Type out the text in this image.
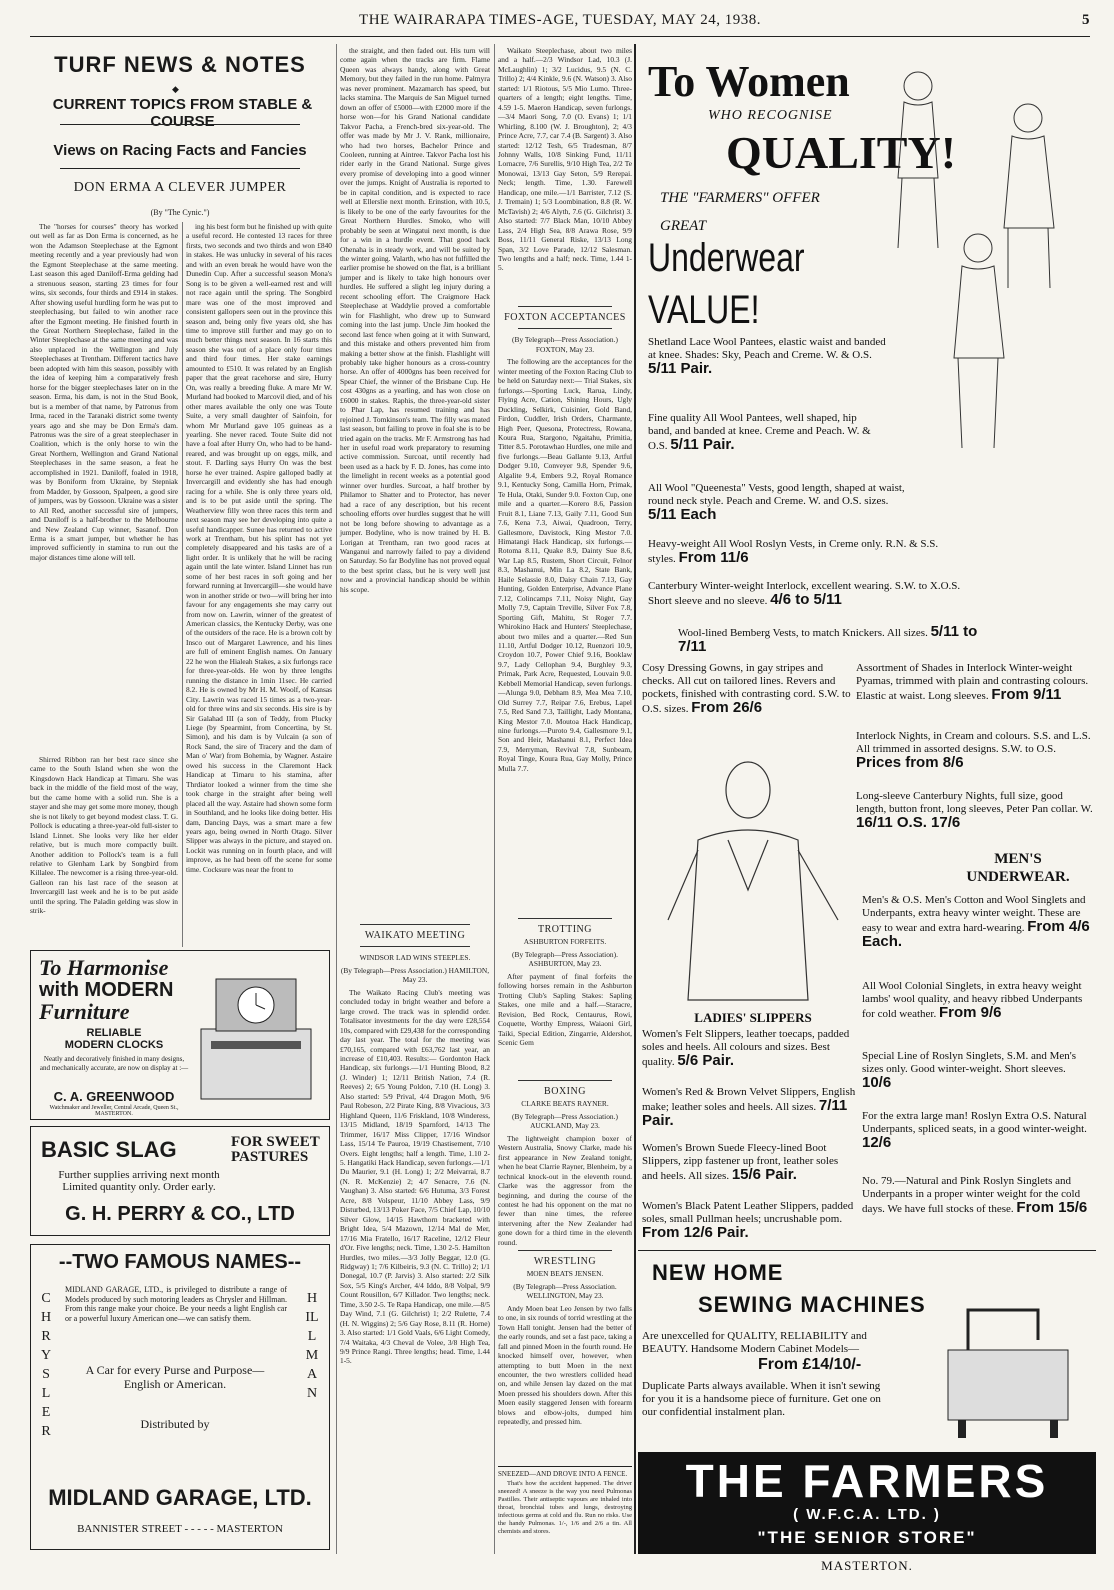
THE WAIRARAPA TIMES-AGE, TUESDAY, MAY 24, 1938.	5
TURF NEWS & NOTES
◆
CURRENT TOPICS FROM STABLE & COURSE
Views on Racing Facts and Fancies
DON ERMA A CLEVER JUMPER
(By "The Cynic.")

The "horses for courses" theory has worked out well as far as Don Erma is concerned, as he won the Adamson Steeplechase at the Egmont meeting recently and a year previously had won the Egmont Steeplechase at the same meeting. Last season this aged Daniloff-Erma gelding had a strenuous season, starting 23 times for four wins, six seconds, four thirds and £914 in stakes. After showing useful hurdling form he was put to steeplechasing, but failed to win another race after the Egmont meeting. He finished fourth in the Great Northern Steeplechase, failed in the Winter Steeplechase at the same meeting and was also unplaced in the Wellington and July Steeplechases at Trentham. Different tactics have been adopted with him this season, possibly with the idea of keeping him a comparatively fresh horse for the bigger steeplechases later on in the season. Erma, his dam, is not in the Stud Book, but is a member of that name, by Patronus from Irma, raced in the Taranaki district some twenty years ago and she may be Don Erma's dam. Patronus was the sire of a great steeplechaser in Coalition, which is the only horse to win the Great Northern, Wellington and Grand National Steeplechases in the same season, a feat he accomplished in 1921. Daniloff, foaled in 1918, was by Boniform from Ukraine, by Stepniak from Madder, by Gossoon, Spalpeen, a good sire of jumpers, was by Gossoon. Ukraine was a sister to All Red, another successful sire of jumpers, and Daniloff is a half-brother to the Melbourne and New Zealand Cup winner, Sasanof. Don Erma is a smart jumper, but whether he has improved sufficiently in stamina to run out the major distances time alone will tell.

Shirred Ribbon ran her best race since she came to the South Island when she won the Kingsdown Hack Handicap at Timaru. She was back in the middle of the field most of the way, but the came home with a solid run. She is a stayer and she may get some more money, though she is not likely to get beyond modest class. T. G. Pollock is educating a three-year-old full-sister to Island Linnet. She looks very like her elder relative, but is much more compactly built. Another addition to Pollock's team is a full relative to Glenham Lark by Songbird from Killalee. The newcomer is a rising three-year-old. Galleon ran his last race of the season at Invercargill last week and he is to be put aside until the spring. The Paladin gelding was slow in strik-

ing his best form but he finished up with quite a useful record. He contested 13 races for three firsts, two seconds and two thirds and won £840 in stakes. He was unlucky in several of his races and with an even break he would have won the Dunedin Cup. After a successful season Mona's Song is to be given a well-earned rest and will not race again until the spring. The Songbird mare was one of the most improved and consistent gallopers seen out in the province this season and, being only five years old, she has time to improve still further and may go on to much better things next season. In 16 starts this season she was out of a place only four times and third four times. Her stake earnings amounted to £510. It was related by an English paper that the great racehorse and sire, Hurry On, was really a breeding fluke. A mare Mr W. Murland had booked to Marcovil died, and of his other mares available the only one was Toute Suite, a very small daughter of Sainfoin, for whom Mr Murland gave 105 guineas as a yearling. She never raced. Toute Suite did not have a foal after Hurry On, who had to be hand-reared, and was brought up on eggs, milk, and stout. F. Darling says Hurry On was the best horse he ever trained. Aspire galloped badly at Invercargill and evidently she has had enough racing for a while. She is only three years old, and is to be put aside until the spring. The Weatherview filly won three races this term and next season may see her developing into quite a useful handicapper. Sunee has returned to active work at Trentham, but his splint has not yet completely disappeared and his tasks are of a light order. It is unlikely that he will be racing again until the late winter. Island Linnet has run some of her best races in soft going and her forward running at Invercargill—she would have won in another stride or two—will bring her into favour for any engagements she may carry out from now on. Lawrin, winner of the greatest of American classics, the Kentucky Derby, was one of the outsiders of the race. He is a brown colt by Insco out of Margaret Lawrence, and his lines are full of eminent English names. On January 22 he won the Hialeah Stakes, a six furlongs race for three-year-olds. He won by three lengths running the distance in 1min 11sec. He carried 8.2. He is owned by Mr H. M. Woolf, of Kansas City. Lawrin was raced 15 times as a two-year-old for three wins and six seconds. His sire is by Sir Galahad III (a son of Teddy, from Plucky Liege (by Spearmint, from Concertina, by St. Simon), and his dam is by Vulcain (a son of Rock Sand, the sire of Tracery and the dam of Man o' War) from Bohemia, by Wagner. Astaire owed his success in the Claremont Hack Handicap at Timaru to his stamina, after Thrdiator looked a winner from the time she took charge in the straight after being well placed all the way. Astaire had shown some form in Southland, and he looks like doing better. His dam, Dancing Days, was a smart mare a few years ago, being owned in North Otago. Silver Slipper was always in the picture, and stayed on. Lockit was running on in fourth place, and will improve, as he had been off the scene for some time. Cocksure was near the front to

the straight, and then faded out. His turn will come again when the tracks are firm. Flame Queen was always handy, along with Great Memory, but they failed in the run home. Palmyra was never prominent. Mazamarch has speed, but lacks stamina. The Marquis de San Miguel turned down an offer of £5000—with £2000 more if the horse won—for his Grand National candidate Takvor Pacha, a French-bred six-year-old. The offer was made by Mr J. V. Rank, millionaire, who had two horses, Bachelor Prince and Cooleen, running at Aintree. Takvor Pacha lost his rider early in the Grand National. Surge gives every promise of developing into a good winner over the jumps. Knight of Australia is reported to be in capital condition, and is expected to race well at Ellerslie next month. Erinstion, with 10.5, is likely to be one of the early favourites for the Great Northern Hurdles. Smoko, who will probably be seen at Wingatui next month, is due for a win in a hurdle event. That good hack Ohenaha is in steady work, and will be suited by the winter going. Valarth, who has not fulfilled the earlier promise he showed on the flat, is a brilliant jumper and is likely to take high honours over hurdles. He suffered a slight leg injury during a recent schooling effort. The Craigmore Hack Steeplechase at Waddylie proved a comfortable win for Flashlight, who drew up to Sunward coming into the last jump. Uncle Jim hooked the second last fence when going at it with Sunward, and this mistake and others prevented him from making a better show at the finish. Flashlight will probably take higher honours as a cross-country horse. An offer of 4000gns has been received for Spear Chief, the winner of the Brisbane Cup. He cost 430gns as a yearling, and has won close on £6000 in stakes. Raphis, the three-year-old sister to Phar Lap, has resumed training and has rejoined J. Tomkinson's team. The filly was mated last season, but failing to prove in foal she is to be tried again on the tracks. Mr F. Armstrong has had her in useful road work preparatory to resuming active commission. Surcoat, until recently had been used as a hack by F. D. Jones, has come into the limelight in recent weeks as a potential good winner over hurdles. Surcoat, a half brother by Philamor to Shatter and to Protector, has never had a race of any description, but his recent schooling efforts over hurdles suggest that he will not be long before showing to advantage as a jumper. Bodyline, who is now trained by H. B. Lorigan at Trentham, ran two good races at Wanganui and narrowly failed to pay a dividend on Saturday. So far Bodyline has not proved equal to the best sprint class, but he is very well just now and a provincial handicap should be within his scope.

WAIKATO MEETING
WINDSOR LAD WINS STEEPLES.
(By Telegraph—Press Association.) HAMILTON, May 23.

The Waikato Racing Club's meeting was concluded today in bright weather and before a large crowd. The track was in splendid order. Totalisator investments for the day were £28,554 10s, compared with £29,438 for the corresponding day last year. The total for the meeting was £70,165, compared with £63,762 last year, an increase of £10,403. Results:— Gordonton Hack Handicap, six furlongs.—1/1 Hunting Blood, 8.2 (J. Winder) 1; 12/11 British Nation, 7.4 (R. Reeves) 2; 6/5 Young Poldon, 7.10 (H. Long) 3. Also started: 5/9 Prival, 4/4 Dragon Moth, 9/6 Paul Robeson, 2/2 Pirate King, 8/8 Vivacious, 3/3 Highland Queen, 11/6 Friskland, 10/8 Winderess, 13/15 Midland, 18/19 Sparnford, 14/13 The Trimmer, 16/17 Miss Clipper, 17/16 Windsor Lass, 15/14 Te Pauroa, 19/19 Chastisement, 7/10 Overs. Eight lengths; half a length. Time, 1.10 2-5. Hangatiki Hack Handicap, seven furlongs.—1/1 Du Maurier, 9.1 (H. Long) 1; 2/2 Meivarrai, 8.7 (N. R. McKenzie) 2; 4/7 Senacre, 7.6 (N. Vaughan) 3. Also started: 6/6 Hutuma, 3/3 Forest Acre, 8/8 Volspeur, 11/10 Abbey Lass, 9/9 Disturbed, 13/13 Poker Face, 7/5 Chief Lap, 10/10 Silver Glow, 14/15 Hawthorn bracketed with Bright Idea, 5/4 Mazown, 12/14 Mal de Mer, 17/16 Mia Fratello, 16/17 Raceline, 12/12 Fleur d'Or. Five lengths; neck. Time, 1.30 2-5. Hamilton Hurdles, two miles.—3/3 Jolly Beggar, 12.0 (G. Ridgway) 1; 7/6 Kilbeiris, 9.3 (N. C. Trillo) 2; 1/1 Donegal, 10.7 (P. Jarvis) 3. Also started: 2/2 Silk Sox, 5/5 King's Archer, 4/4 Iddo, 8/8 Volpal, 9/9 Count Rousillon, 6/7 Killador. Two lengths; neck. Time, 3.50 2-5. Te Rapa Handicap, one mile.—8/5 Day Wind, 7.1 (G. Gilchrist) 1; 2/2 Rulette, 7.4 (H. N. Wiggins) 2; 5/6 Gay Rose, 8.11 (R. Horne) 3. Also started: 1/1 Gold Vaals, 6/6 Light Comedy, 7/4 Waitaka, 4/3 Cheval de Volee, 3/8 High Tea, 9/9 Prince Rangi. Three lengths; head. Time, 1.44 1-5.

Waikato Steeplechase, about two miles and a half.—2/3 Windsor Lad, 10.3 (J. McLaughlin) 1; 3/2 Lucidus, 9.5 (N. C. Trillo) 2; 4/4 Kinkle, 9.6 (N. Watson) 3. Also started: 1/1 Riotous, 5/5 Mio Lumo. Three-quarters of a length; eight lengths. Time, 4.59 1-5. Maeron Handicap, seven furlongs.—3/4 Maori Song, 7.0 (O. Evans) 1; 1/1 Whirling, 8.100 (W. J. Broughton), 2; 4/3 Prince Acre, 7.7, car 7.4 (B. Sargent) 3. Also started: 12/12 Tesh, 6/5 Tradesman, 8/7 Johnny Walls, 10/8 Sinking Fund, 11/11 Lornacre, 7/6 Surellis, 9/10 High Tea, 2/2 Te Monowai, 13/13 Gay Seton, 5/9 Rerepai. Neck; length. Time, 1.30. Farewell Handicap, one mile.—1/1 Barrister, 7.12 (S. J. Tremain) 1; 5/3 Loombination, 8.8 (R. W. McTavish) 2; 4/6 Alyth, 7.6 (G. Gilchrist) 3. Also started: 7/7 Black Man, 10/10 Abbey Lass, 2/4 High Sea, 8/8 Arawa Rose, 9/9 Boss, 11/11 General Riske, 13/13 Long Span, 3/2 Love Parade, 12/12 Salesman. Two lengths and a half; neck. Time, 1.44 1-5.

FOXTON ACCEPTANCES
(By Telegraph—Press Association.) FOXTON, May 23.

The following are the acceptances for the winter meeting of the Foxton Racing Club to be held on Saturday next:— Trial Stakes, six furlongs.—Sporting Luck, Rarua, Lindy, Flying Acre, Cation, Shining Hours, Ugly Duckling, Selkirk, Cuisinier, Gold Band, Firdon, Cuddler, Irish Orders, Charmante, High Peer, Quesona, Protectress, Rowana, Koura Rua, Stargono, Ngaitahu, Primitia, Titter 8.5. Porotawhao Hurdles, one mile and five furlongs.—Beau Gallante 9.13, Artful Dodger 9.10, Conveyer 9.8, Spender 9.6, Algalite 9.4, Embers 9.2, Royal Romance 9.1, Kentucky Song, Camilla Horn, Primak, Te Hula, Otaki, Sunder 9.0. Foxton Cup, one mile and a quarter.—Korero 8.6, Passion Fruit 8.1, Liane 7.13, Gaily 7.11, Good Sun 7.6, Kena 7.3, Aiwai, Quadroon, Terry, Gallesmore, Davistock, King Mestor 7.0. Himatangi Hack Handicap, six furlongs.—Rotoma 8.11, Quake 8.9, Dainty Sue 8.6, War Lap 8.5, Rustem, Short Circuit, Felnor 8.3, Mashanui, Min La 8.2, State Bank, Haile Selassie 8.0, Daisy Chain 7.13, Gay Hunting, Golden Enterprise, Advance Plane 7.12, Colincamps 7.11, Noisy Night, Gay Molly 7.9, Captain Treville, Silver Fox 7.8, Sporting Gift, Mahitu, St Roger 7.7. Whirokino Hack and Hunters' Steeplechase, about two miles and a quarter.—Red Sun 11.10, Artful Dodger 10.12, Ruenzori 10.9, Croydon 10.7, Power Chief 9.16, Booklaw 9.7, Lady Cellophan 9.4, Burghley 9.3, Primak, Park Acre, Requested, Louvain 9.0. Kebbell Memorial Handicap, seven furlongs.—Alunga 9.0, Debham 8.9, Mea Mea 7.10, Old Surrey 7.7, Reipar 7.6, Erebus, Lapel 7.5, Red Sand 7.3, Taillight, Lady Montana, King Mestor 7.0. Moutoa Hack Handicap, nine furlongs.—Puroto 9.4, Gallesmore 9.1, Son and Heir, Mashanui 8.1, Perfect Idea 7.9, Merryman, Revival 7.8, Sunbeam, Royal Tinge, Koura Rua, Gay Molly, Prince Mulla 7.7.

TROTTING
ASHBURTON FORFEITS.
(By Telegraph—Press Association). ASHBURTON, May 23.

After payment of final forfeits the following horses remain in the Ashburton Trotting Club's Sapling Stakes: Sapling Stakes, one mile and a half.—Staracre, Revision, Bed Rock, Centaurus, Rowi, Coquette, Worthy Empress, Waiaoni Girl, Taiki, Special Edition, Zingarrie, Aldershot, Scenic Gem

BOXING
CLARKE BEATS RAYNER.
(By Telegraph—Press Association.) AUCKLAND, May 23.

The lightweight champion boxer of Western Australia, Snowy Clarke, made his first appearance in New Zealand tonight, when he beat Clarrie Rayner, Blenheim, by a technical knock-out in the eleventh round. Clarke was the aggressor from the beginning, and during the course of the contest he had his opponent on the mat no fewer than nine times, the referee intervening after the New Zealander had gone down for a third time in the eleventh round.

WRESTLING
MOEN BEATS JENSEN.
(By Telegraph—Press Association. WELLINGTON, May 23.

Andy Moen beat Leo Jensen by two falls to one, in six rounds of torrid wrestling at the Town Hall tonight. Jensen had the better of the early rounds, and set a fast pace, taking a fall and pinned Moen in the fourth round. He knocked himself over, however, when attempting to butt Moen in the next encounter, the two wrestlers collided head on, and while Jensen lay dazed on the mat Moen pressed his shoulders down. After this Moen easily staggered Jensen with forearm blows and elbow-jolts, dumped him repeatedly, and pressed him.

SNEEZED—AND DROVE INTO A FENCE.

That's how the accident happened. The driver sneezed! A sneeze is the way you need Pulmonas Pastilles. Their antiseptic vapours are inhaled into throat, bronchial tubes and lungs, destroying infectious germs at cold and flu. Run no risks. Use the handy Pulmonas. 1/-, 1/6 and 2/6 a tin. All chemists and stores.

To Harmonise
with MODERN
Furniture
RELIABLE
MODERN CLOCKS
Neatly and decoratively finished in many designs, and mechanically accurate, are now on display at :—
C. A. GREENWOOD
Watchmaker and Jeweller, Central Arcade, Queen St., MASTERTON.
BASIC SLAG	FOR SWEET PASTURES
Further supplies arriving next month
Limited quantity only. Order early.
G. H. PERRY & CO., LTD
--TWO FAMOUS NAMES--
CHRYSLER
HILLMAN
MIDLAND GARAGE, LTD., is privileged to distribute a range of Models produced by such motoring leaders as Chrysler and Hillman. From this range make your choice. Be your needs a light English car or a powerful luxury American one—we can satisfy them.
A Car for every Purse and Purpose—English or American.
Distributed by
MIDLAND GARAGE, LTD.
BANNISTER STREET - - - - - MASTERTON
To Women
WHO RECOGNISE
QUALITY!
THE "FARMERS" OFFER
GREAT
Underwear
VALUE!
Shetland Lace Wool Pantees, elastic waist and banded at knee. Shades: Sky, Peach and Creme. W. & O.S. 5/11 Pair.
Fine quality All Wool Pantees, well shaped, hip band, and banded at knee. Creme and Peach. W. & O.S. 5/11 Pair.
All Wool "Queenesta" Vests, good length, shaped at waist, round neck style. Peach and Creme. W. and O.S. sizes. 5/11 Each
Heavy-weight All Wool Roslyn Vests, in Creme only. R.N. & S.S. styles. From 11/6
Canterbury Winter-weight Interlock, excellent wearing. S.W. to X.O.S. Short sleeve and no sleeve. 4/6 to 5/11
Wool-lined Bemberg Vests, to match Knickers. All sizes. 5/11 to 7/11
Cosy Dressing Gowns, in gay stripes and checks. All cut on tailored lines. Revers and pockets, finished with contrasting cord. S.W. to O.S. sizes. From 26/6
Assortment of Shades in Interlock Winter-weight Pyamas, trimmed with plain and contrasting colours. Elastic at waist. Long sleeves. From 9/11
Interlock Nights, in Cream and colours. S.S. and L.S. All trimmed in assorted designs. S.W. to O.S. Prices from 8/6
Long-sleeve Canterbury Nights, full size, good length, button front, long sleeves, Peter Pan collar. W. 16/11 O.S. 17/6
MEN'S UNDERWEAR.
Men's & O.S. Men's Cotton and Wool Singlets and Underpants, extra heavy winter weight. These are easy to wear and extra hard-wearing. From 4/6 Each.
All Wool Colonial Singlets, in extra heavy weight lambs' wool quality, and heavy ribbed Underpants for cold weather. From 9/6
Special Line of Roslyn Singlets, S.M. and Men's sizes only. Good winter-weight. Short sleeves. 10/6
For the extra large man! Roslyn Extra O.S. Natural Underpants, spliced seats, in a good winter-weight. 12/6
No. 79.—Natural and Pink Roslyn Singlets and Underpants in a proper winter weight for the cold days. We have full stocks of these. From 15/6
LADIES' SLIPPERS
Women's Felt Slippers, leather toecaps, padded soles and heels. All colours and sizes. Best quality. 5/6 Pair.
Women's Red & Brown Velvet Slippers, English make; leather soles and heels. All sizes. 7/11 Pair.
Women's Brown Suede Fleecy-lined Boot Slippers, zipp fastener up front, leather soles and heels. All sizes. 15/6 Pair.
Women's Black Patent Leather Slippers, padded soles, small Pullman heels; uncrushable pom. From 12/6 Pair.
NEW HOME
SEWING MACHINES
Are unexcelled for QUALITY, RELIABILITY and BEAUTY. Handsome Modern Cabinet Models—
From £14/10/-
Duplicate Parts always available. When it isn't sewing for you it is a handsome piece of furniture. Get one on our confidential instalment plan.
THE FARMERS
( W.F.C.A. LTD. )
"THE SENIOR STORE"
MASTERTON.
